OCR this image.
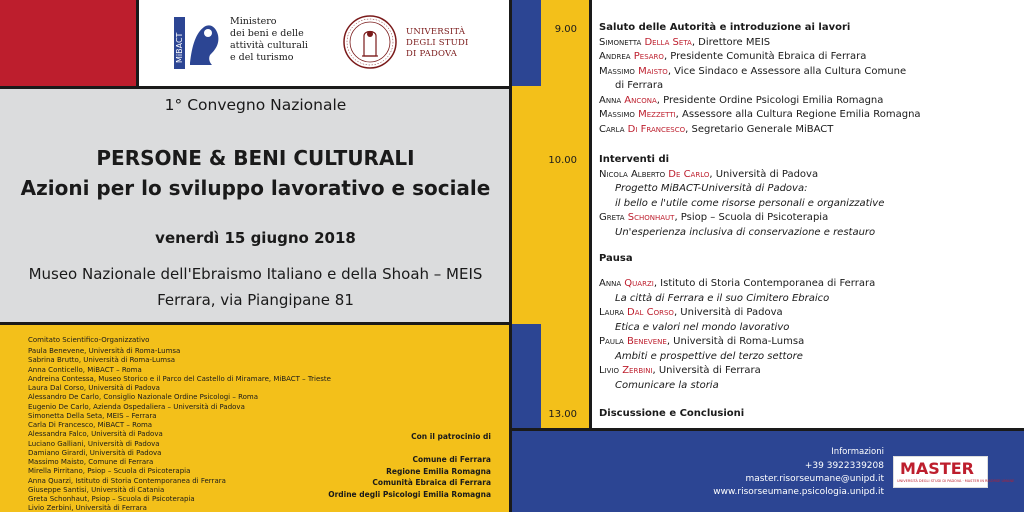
MiBACT
Ministero
dei beni e delle
attività culturali
e del turismo
UNIVERSITÀ
DEGLI STUDI
DI PADOVA
1° Convegno Nazionale
PERSONE & BENI CULTURALI
Azioni per lo sviluppo lavorativo e sociale
venerdì 15 giugno 2018
Museo Nazionale dell'Ebraismo Italiano e della Shoah – MEIS
Ferrara, via Piangipane 81
Comitato Scientifico-Organizzativo
Paula Benevene, Università di Roma-Lumsa
Sabrina Brutto, Università di Roma-Lumsa
Anna Conticello, MiBACT – Roma
Andreina Contessa, Museo Storico e il Parco del Castello di Miramare, MiBACT – Trieste
Laura Dal Corso, Università di Padova
Alessandro De Carlo, Consiglio Nazionale Ordine Psicologi – Roma
Eugenio De Carlo, Azienda Ospedaliera – Università di Padova
Simonetta Della Seta, MEIS – Ferrara
Carla Di Francesco, MiBACT – Roma
Alessandra Falco, Università di Padova
Luciano Galliani, Università di Padova
Damiano Girardi, Università di Padova
Massimo Maisto, Comune di Ferrara
Mirella Pirritano, Psiop – Scuola di Psicoterapia
Anna Quarzi, Istituto di Storia Contemporanea di Ferrara
Giuseppe Santisi, Università di Catania
Greta Schonhaut, Psiop – Scuola di Psicoterapia
Livio Zerbini, Università di Ferrara
Con il patrocinio di
Comune di Ferrara
Regione Emilia Romagna
Comunità Ebraica di Ferrara
Ordine degli Psicologi Emilia Romagna
9.00
10.00
13.00
Saluto delle Autorità e introduzione ai lavori
Simonetta Della Seta, Direttore MEIS
Andrea Pesaro, Presidente Comunità Ebraica di Ferrara
Massimo Maisto, Vice Sindaco e Assessore alla Cultura Comune
di Ferrara
Anna Ancona, Presidente Ordine Psicologi Emilia Romagna
Massimo Mezzetti, Assessore alla Cultura Regione Emilia Romagna
Carla Di Francesco, Segretario Generale MiBACT
Interventi di
Nicola Alberto De Carlo, Università di Padova
Progetto MiBACT-Università di Padova:
il bello e l'utile come risorse personali e organizzative
Greta Schonhaut, Psiop – Scuola di Psicoterapia
Un'esperienza inclusiva di conservazione e restauro
Pausa
Anna Quarzi, Istituto di Storia Contemporanea di Ferrara
La città di Ferrara e il suo Cimitero Ebraico
Laura Dal Corso, Università di Padova
Etica e valori nel mondo lavorativo
Paula Benevene, Università di Roma-Lumsa
Ambiti e prospettive del terzo settore
Livio Zerbini, Università di Ferrara
Comunicare la storia
Discussione e Conclusioni
Informazioni
+39 3922339208
master.risorseumane@unipd.it
www.risorseumane.psicologia.unipd.it
MASTER
UNIVERSITÀ DEGLI STUDI DI PADOVA · MASTER IN RISORSE UMANE
